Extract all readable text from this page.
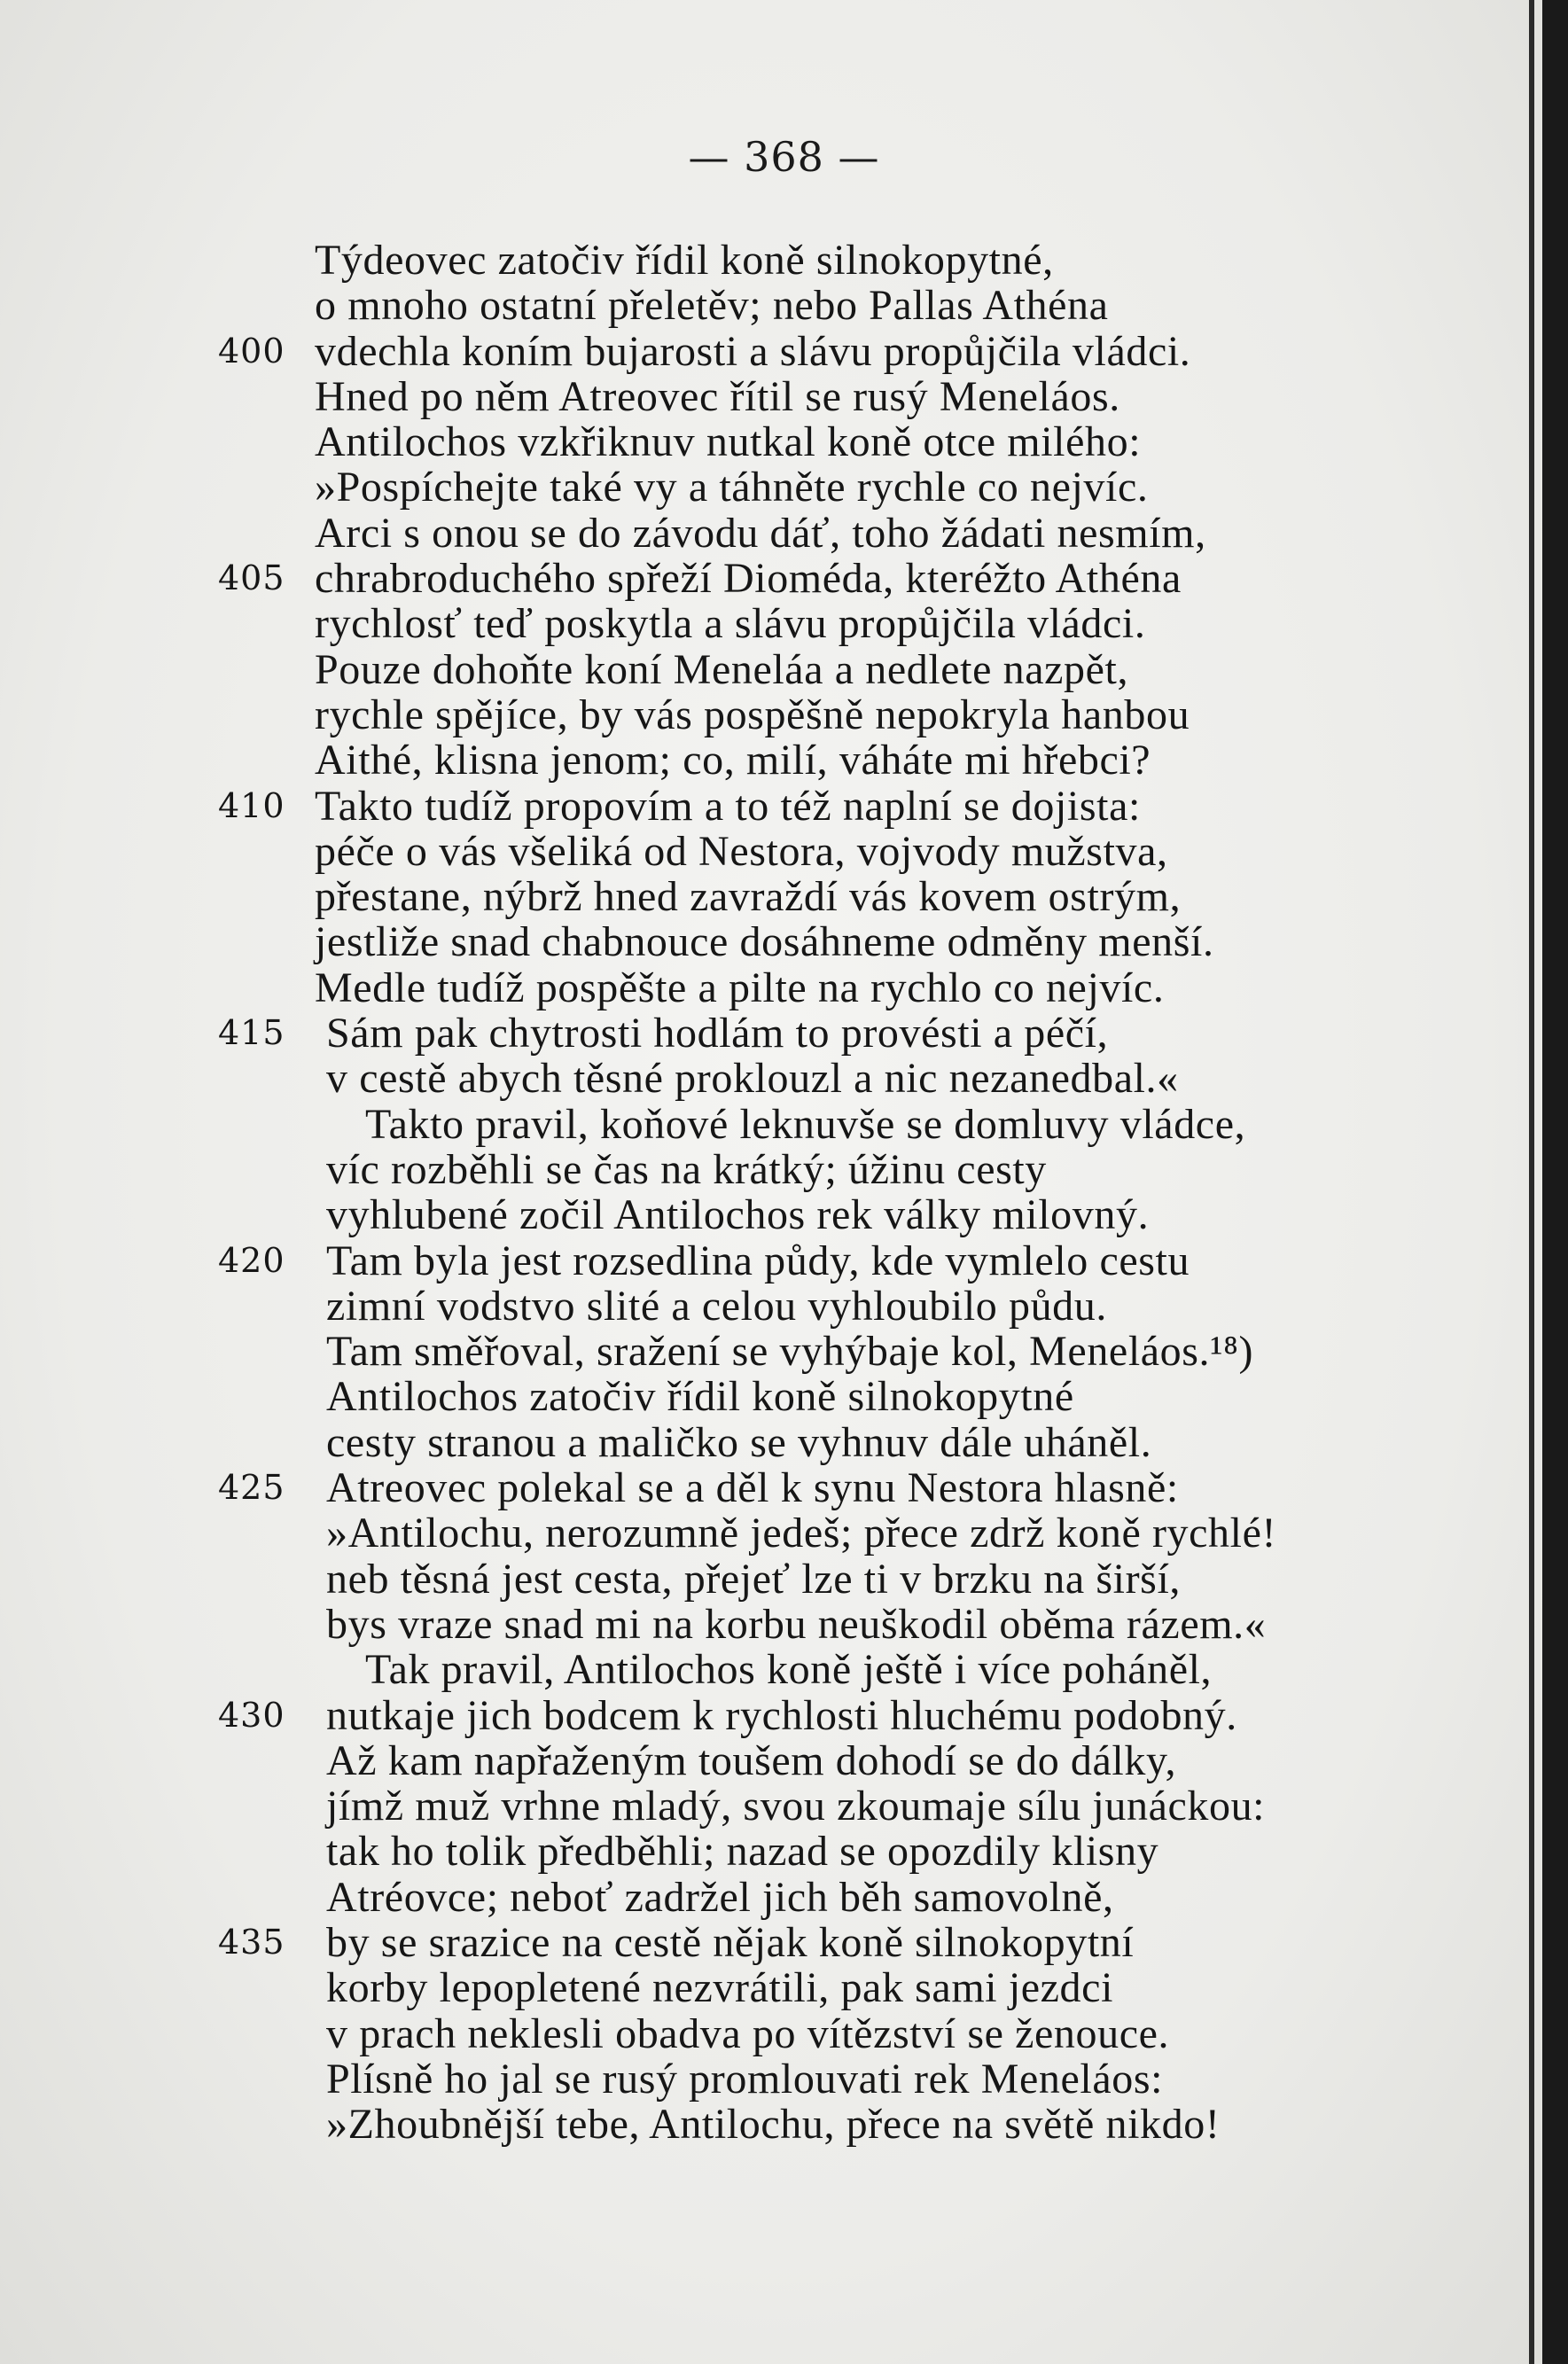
— 368 —
Týdeovec zatočiv řídil koně silnokopytné,
o mnoho ostatní přeletěv; nebo Pallas Athéna
400 vdechla koním bujarosti a slávu propůjčila vládci.
Hned po něm Atreovec řítil se rusý Meneláos.
Antilochos vzkřiknuv nutkal koně otce milého:
»Pospíchejte také vy a táhněte rychle co nejvíc.
Arci s onou se do závodu dáť, toho žádati nesmím,
405 chrabroduchého spřeží Dioméda, kteréžto Athéna
rychlosť teď poskytla a slávu propůjčila vládci.
Pouze dohoňte koní Meneláa a nedlete nazpět,
rychle spějíce, by vás pospěšně nepokryla hanbou
Aithé, klisna jenom; co, milí, váháte mi hřebci?
410 Takto tudíž propovím a to též naplní se dojista:
péče o vás všeliká od Nestora, vojvody mužstva,
přestane, nýbrž hned zavraždí vás kovem ostrým,
jestliže snad chabnouce dosáhneme odměny menší.
Medle tudíž pospěšte a pilte na rychlo co nejvíc.
415 Sám pak chytrosti hodlám to provésti a péčí,
v cestě abych těsné proklouzl a nic nezanedbal.«
Takto pravil, koňové leknuvše se domluvy vládce,
víc rozběhli se čas na krátký; úžinu cesty
vyhlubené zočil Antilochos rek války milovný.
420 Tam byla jest rozsedlina půdy, kde vymlelo cestu
zimní vodstvo slité a celou vyhloubilo půdu.
Tam směřoval, sražení se vyhýbaje kol, Meneláos.¹⁸)
Antilochos zatočiv řídil koně silnokopytné
cesty stranou a maličko se vyhnuv dále uháněl.
425 Atreovec polekal se a děl k synu Nestora hlasně:
»Antilochu, nerozumně jedeš; přece zdrž koně rychlé!
neb těsná jest cesta, přejeť lze ti v brzku na širší,
bys vraze snad mi na korbu neuškodil oběma rázem.«
Tak pravil, Antilochos koně ještě i více poháněl,
430 nutkaje jich bodcem k rychlosti hluchému podobný.
Až kam napřaženým toušem dohodí se do dálky,
jímž muž vrhne mladý, svou zkoumaje sílu junáckou:
tak ho tolik předběhli; nazad se opozdily klisny
Atréovce; neboť zadržel jich běh samovolně,
435 by se srazice na cestě nějak koně silnokopytní
korby lepopletené nezvrátili, pak sami jezdci
v prach neklesli obadva po vítězství se ženouce.
Plísně ho jal se rusý promlouvati rek Meneláos:
»Zhoubnější tebe, Antilochu, přece na světě nikdo!
